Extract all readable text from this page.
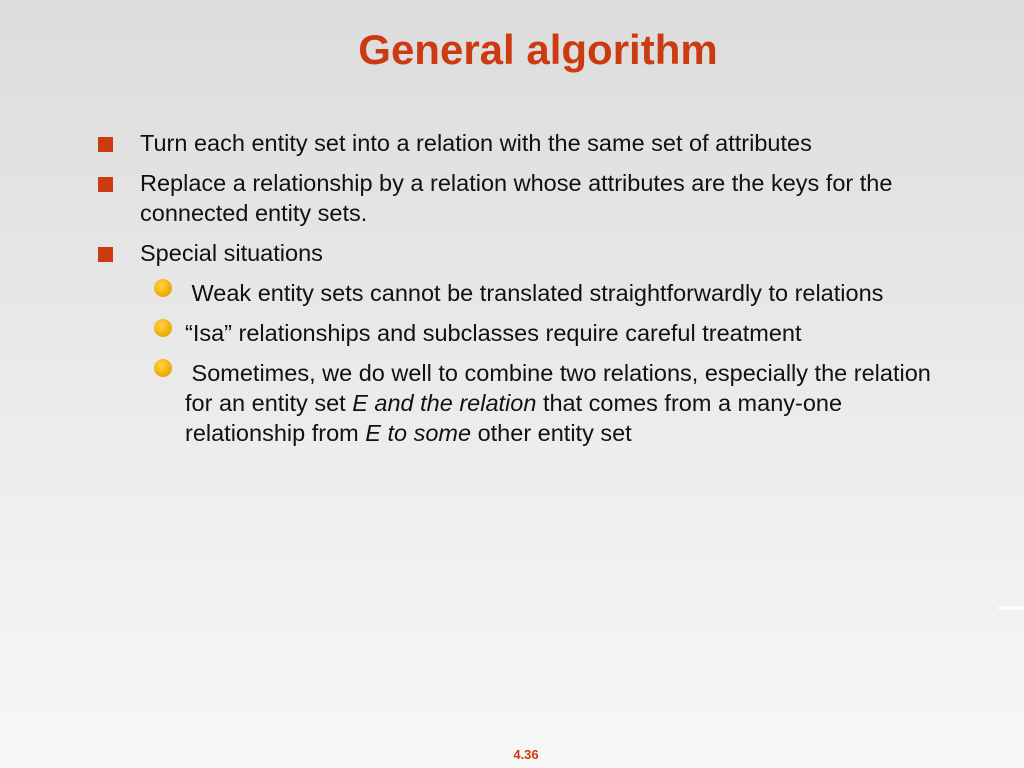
General algorithm
Turn each entity set into a relation with the same set of attributes
Replace a relationship by a relation whose attributes are the keys for the connected entity sets.
Special situations
Weak entity sets cannot be translated straightforwardly to relations
“Isa” relationships and subclasses require careful treatment
Sometimes, we do well to combine two relations, especially the relation for an entity set E and the relation that comes from a many-one relationship from E to some other entity set
4.36
